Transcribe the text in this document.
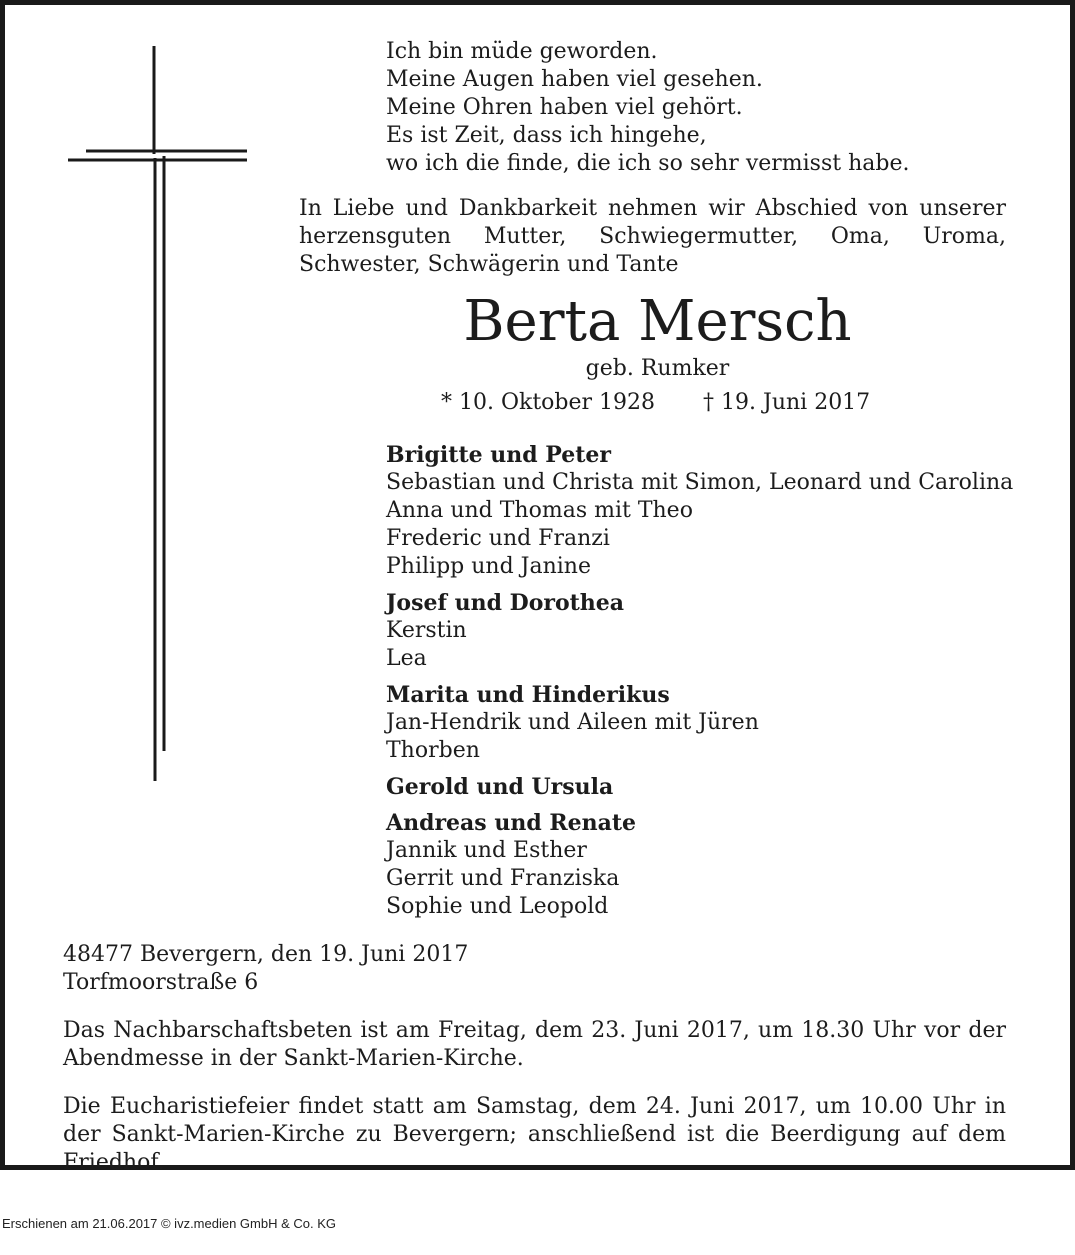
Ich bin müde geworden.
Meine Augen haben viel gesehen.
Meine Ohren haben viel gehört.
Es ist Zeit, dass ich hingehe,
wo ich die finde, die ich so sehr vermisst habe.

In Liebe und Dankbarkeit nehmen wir Abschied von unserer herzensguten Mutter, Schwiegermutter, Oma, Uroma, Schwester, Schwägerin und Tante

Berta Mersch
geb. Rumker
* 10. Oktober 1928 † 19. Juni 2017
Brigitte und Peter
Sebastian und Christa mit Simon, Leonard und Carolina
Anna und Thomas mit Theo
Frederic und Franzi
Philipp und Janine
Josef und Dorothea
Kerstin
Lea
Marita und Hinderikus
Jan-Hendrik und Aileen mit Jüren
Thorben
Gerold und Ursula
Andreas und Renate
Jannik und Esther
Gerrit und Franziska
Sophie und Leopold
48477 Bevergern, den 19. Juni 2017
Torfmoorstraße 6

Das Nachbarschaftsbeten ist am Freitag, dem 23. Juni 2017, um 18.30 Uhr vor der Abendmesse in der Sankt-Marien-Kirche.

Die Eucharistiefeier findet statt am Samstag, dem 24. Juni 2017, um 10.00 Uhr in der Sankt-Marien-Kirche zu Bevergern; anschließend ist die Beerdigung auf dem Friedhof.

Erschienen am 21.06.2017 © ivz.medien GmbH & Co. KG
